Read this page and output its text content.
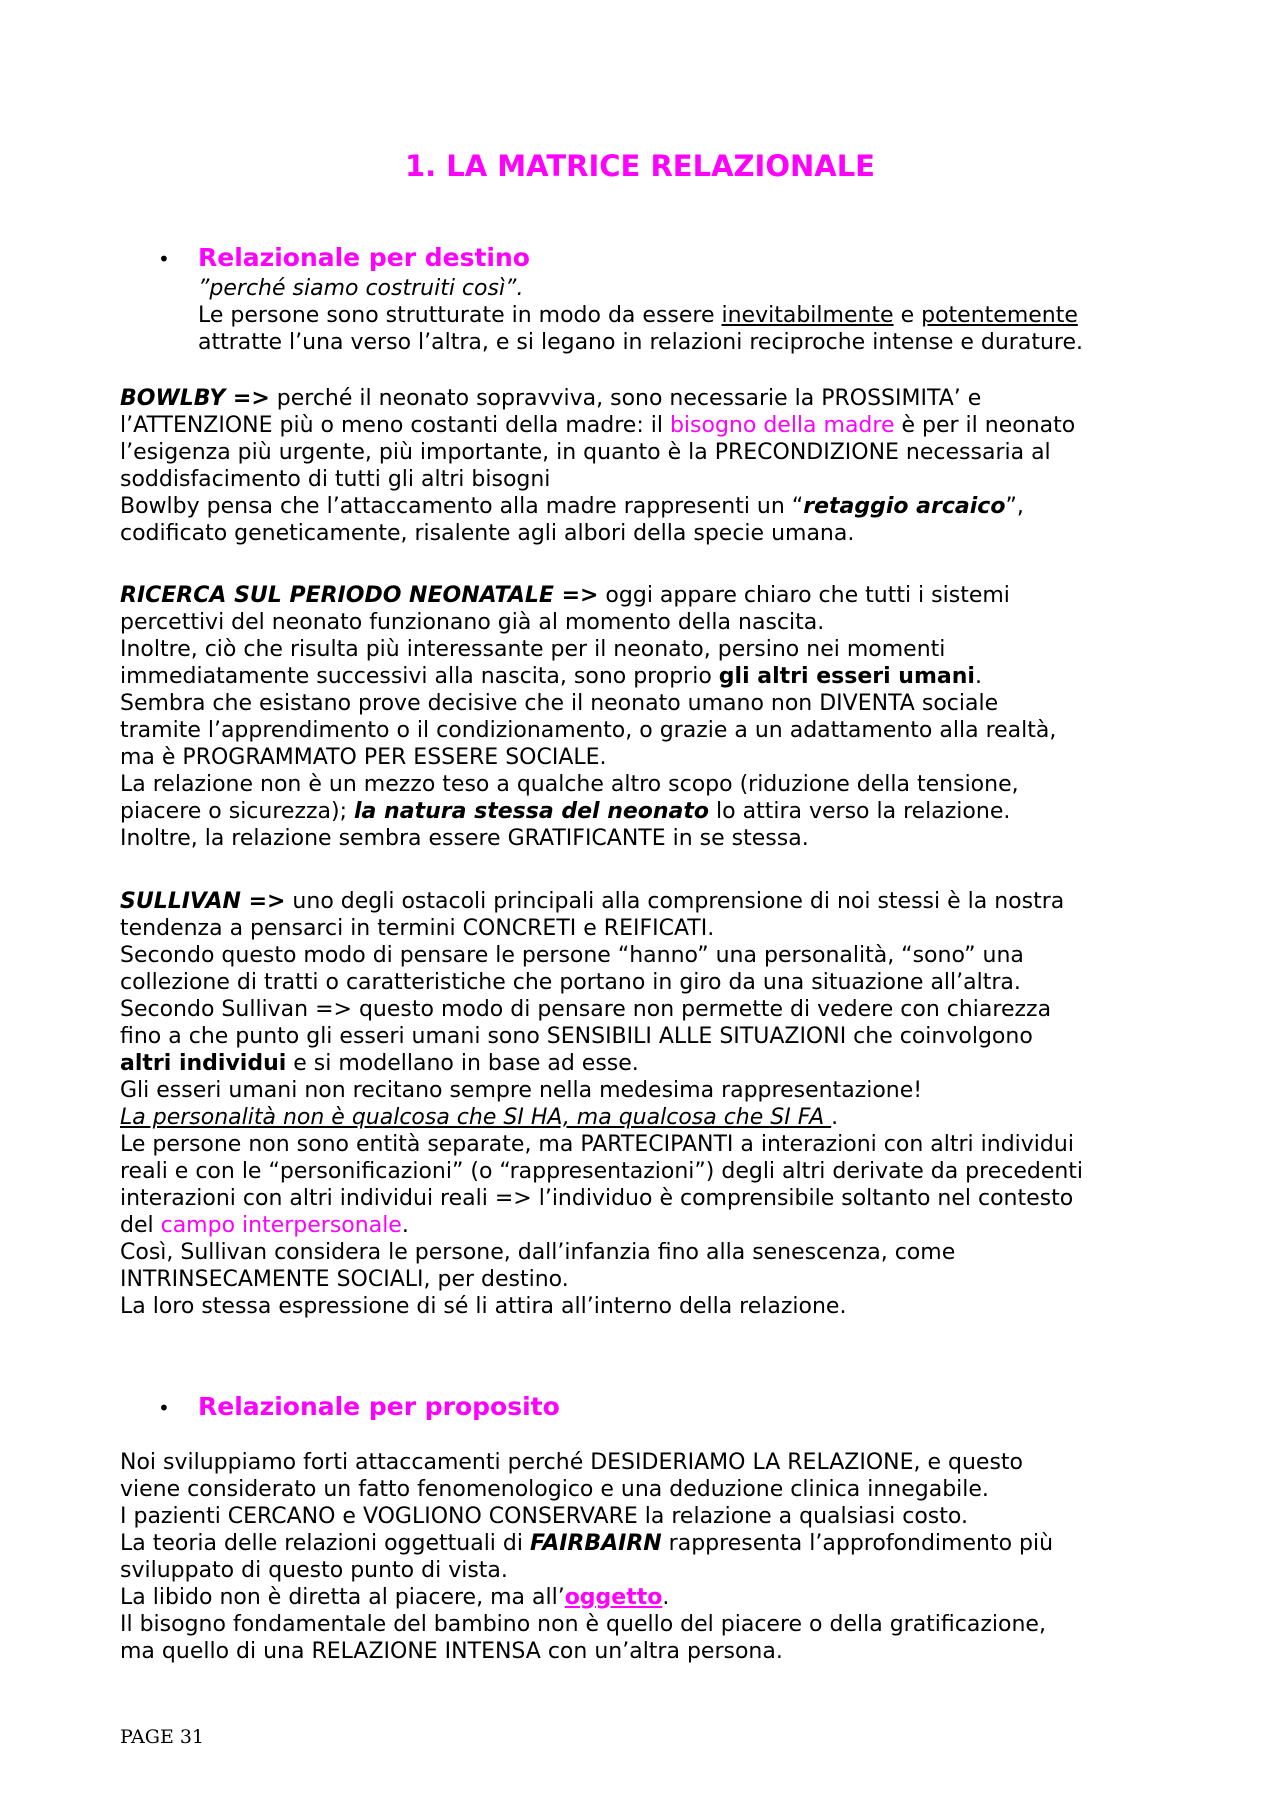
1. LA MATRICE RELAZIONALE
• Relazionale per destino

”perché siamo costruiti così”.

Le persone sono strutturate in modo da essere inevitabilmente e potentemente

attratte l’una verso l’altra, e si legano in relazioni reciproche intense e durature.

BOWLBY => perché il neonato sopravviva, sono necessarie la PROSSIMITA’ e

l’ATTENZIONE più o meno costanti della madre: il bisogno della madre è per il neonato

l’esigenza più urgente, più importante, in quanto è la PRECONDIZIONE necessaria al

soddisfacimento di tutti gli altri bisogni

Bowlby pensa che l’attaccamento alla madre rappresenti un “retaggio arcaico”,

codificato geneticamente, risalente agli albori della specie umana.

RICERCA SUL PERIODO NEONATALE => oggi appare chiaro che tutti i sistemi

percettivi del neonato funzionano già al momento della nascita.

Inoltre, ciò che risulta più interessante per il neonato, persino nei momenti

immediatamente successivi alla nascita, sono proprio gli altri esseri umani.

Sembra che esistano prove decisive che il neonato umano non DIVENTA sociale

tramite l’apprendimento o il condizionamento, o grazie a un adattamento alla realtà,

ma è PROGRAMMATO PER ESSERE SOCIALE.

La relazione non è un mezzo teso a qualche altro scopo (riduzione della tensione,

piacere o sicurezza); la natura stessa del neonato lo attira verso la relazione.

Inoltre, la relazione sembra essere GRATIFICANTE in se stessa.

SULLIVAN => uno degli ostacoli principali alla comprensione di noi stessi è la nostra

tendenza a pensarci in termini CONCRETI e REIFICATI.

Secondo questo modo di pensare le persone “hanno” una personalità, “sono” una

collezione di tratti o caratteristiche che portano in giro da una situazione all’altra.

Secondo Sullivan => questo modo di pensare non permette di vedere con chiarezza

fino a che punto gli esseri umani sono SENSIBILI ALLE SITUAZIONI che coinvolgono

altri individui e si modellano in base ad esse.

Gli esseri umani non recitano sempre nella medesima rappresentazione!

La personalità non è qualcosa che SI HA, ma qualcosa che SI FA .

Le persone non sono entità separate, ma PARTECIPANTI a interazioni con altri individui

reali e con le “personificazioni” (o “rappresentazioni”) degli altri derivate da precedenti

interazioni con altri individui reali => l’individuo è comprensibile soltanto nel contesto

del campo interpersonale.

Così, Sullivan considera le persone, dall’infanzia fino alla senescenza, come

INTRINSECAMENTE SOCIALI, per destino.

La loro stessa espressione di sé li attira all’interno della relazione.

• Relazionale per proposito

Noi sviluppiamo forti attaccamenti perché DESIDERIAMO LA RELAZIONE, e questo

viene considerato un fatto fenomenologico e una deduzione clinica innegabile.

I pazienti CERCANO e VOGLIONO CONSERVARE la relazione a qualsiasi costo.

La teoria delle relazioni oggettuali di FAIRBAIRN rappresenta l’approfondimento più

sviluppato di questo punto di vista.

La libido non è diretta al piacere, ma all’oggetto.

Il bisogno fondamentale del bambino non è quello del piacere o della gratificazione,

ma quello di una RELAZIONE INTENSA con un’altra persona.

PAGE 31
